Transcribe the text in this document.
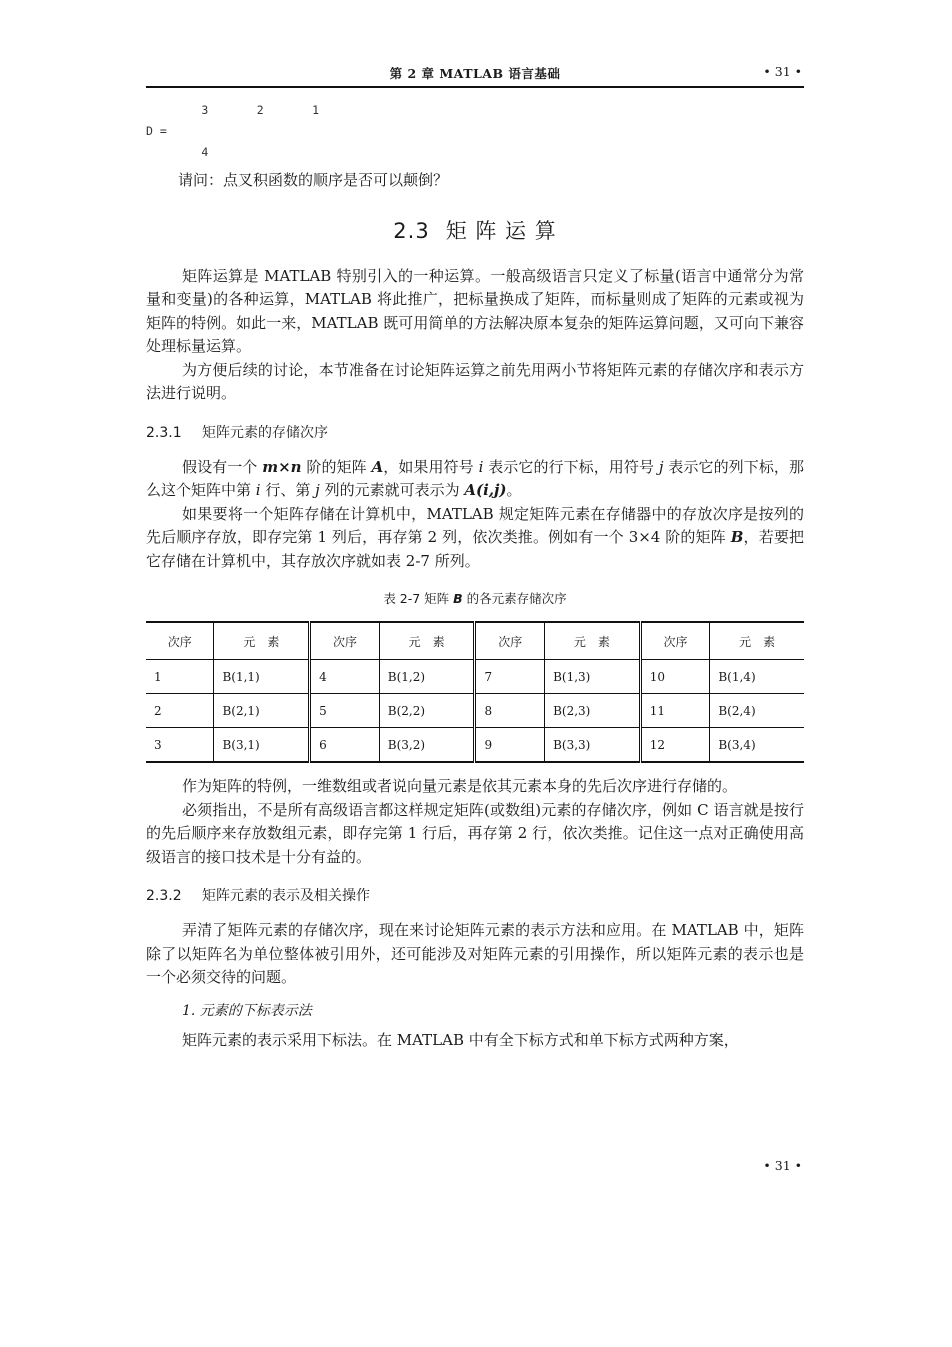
第 2 章 MATLAB 语言基础	• 31 •
3       2       1
D =
4

请问：点叉积函数的顺序是否可以颠倒？

2.3 矩 阵 运 算

矩阵运算是 MATLAB 特别引入的一种运算。一般高级语言只定义了标量(语言中通常分为常量和变量)的各种运算，MATLAB 将此推广，把标量换成了矩阵，而标量则成了矩阵的元素或视为矩阵的特例。如此一来，MATLAB 既可用简单的方法解决原本复杂的矩阵运算问题，又可向下兼容处理标量运算。

为方便后续的讨论，本节准备在讨论矩阵运算之前先用两小节将矩阵元素的存储次序和表示方法进行说明。

2.3.1 矩阵元素的存储次序

假设有一个 m×n 阶的矩阵 A，如果用符号 i 表示它的行下标，用符号 j 表示它的列下标，那么这个矩阵中第 i 行、第 j 列的元素就可表示为 A(i,j)。

如果要将一个矩阵存储在计算机中，MATLAB 规定矩阵元素在存储器中的存放次序是按列的先后顺序存放，即存完第 1 列后，再存第 2 列，依次类推。例如有一个 3×4 阶的矩阵 B，若要把它存储在计算机中，其存放次序就如表 2-7 所列。

表 2-7 矩阵 B 的各元素存储次序
次序	元　素	次序	元　素	次序	元　素	次序	元　素
1	B(1,1)	4	B(1,2)	7	B(1,3)	10	B(1,4)
2	B(2,1)	5	B(2,2)	8	B(2,3)	11	B(2,4)
3	B(3,1)	6	B(3,2)	9	B(3,3)	12	B(3,4)

作为矩阵的特例，一维数组或者说向量元素是依其元素本身的先后次序进行存储的。

必须指出，不是所有高级语言都这样规定矩阵(或数组)元素的存储次序，例如 C 语言就是按行的先后顺序来存放数组元素，即存完第 1 行后，再存第 2 行，依次类推。记住这一点对正确使用高级语言的接口技术是十分有益的。

2.3.2 矩阵元素的表示及相关操作

弄清了矩阵元素的存储次序，现在来讨论矩阵元素的表示方法和应用。在 MATLAB 中，矩阵除了以矩阵名为单位整体被引用外，还可能涉及对矩阵元素的引用操作，所以矩阵元素的表示也是一个必须交待的问题。

1. 元素的下标表示法

矩阵元素的表示采用下标法。在 MATLAB 中有全下标方式和单下标方式两种方案，

• 31 •
